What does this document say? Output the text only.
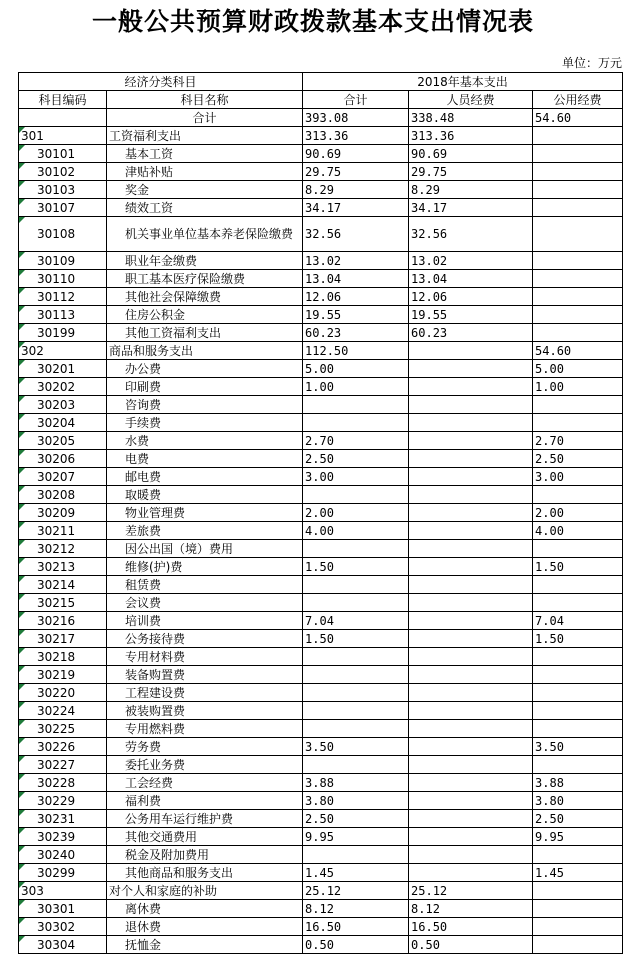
一般公共预算财政拨款基本支出情况表
单位：万元
经济分类科目		2018年基本支出		
科目编码	科目名称	合计	人员经费	公用经费
	合计	393.08	338.48	54.60
301	工资福利支出	313.36	313.36	
30101	基本工资	90.69	90.69	
30102	津贴补贴	29.75	29.75	
30103	奖金	8.29	8.29	
30107	绩效工资	34.17	34.17	
30108	机关事业单位基本养老保险缴费	32.56	32.56	
30109	职业年金缴费	13.02	13.02	
30110	职工基本医疗保险缴费	13.04	13.04	
30112	其他社会保障缴费	12.06	12.06	
30113	住房公积金	19.55	19.55	
30199	其他工资福利支出	60.23	60.23	
302	商品和服务支出	112.50		54.60
30201	办公费	5.00		5.00
30202	印刷费	1.00		1.00
30203	咨询费			
30204	手续费			
30205	水费	2.70		2.70
30206	电费	2.50		2.50
30207	邮电费	3.00		3.00
30208	取暖费			
30209	物业管理费	2.00		2.00
30211	差旅费	4.00		4.00
30212	因公出国（境）费用			
30213	维修(护)费	1.50		1.50
30214	租赁费			
30215	会议费			
30216	培训费	7.04		7.04
30217	公务接待费	1.50		1.50
30218	专用材料费			
30219	装备购置费			
30220	工程建设费			
30224	被装购置费			
30225	专用燃料费			
30226	劳务费	3.50		3.50
30227	委托业务费			
30228	工会经费	3.88		3.88
30229	福利费	3.80		3.80
30231	公务用车运行维护费	2.50		2.50
30239	其他交通费用	9.95		9.95
30240	税金及附加费用			
30299	其他商品和服务支出	1.45		1.45
303	对个人和家庭的补助	25.12	25.12	
30301	离休费	8.12	8.12	
30302	退休费	16.50	16.50	
30304	抚恤金	0.50	0.50	
